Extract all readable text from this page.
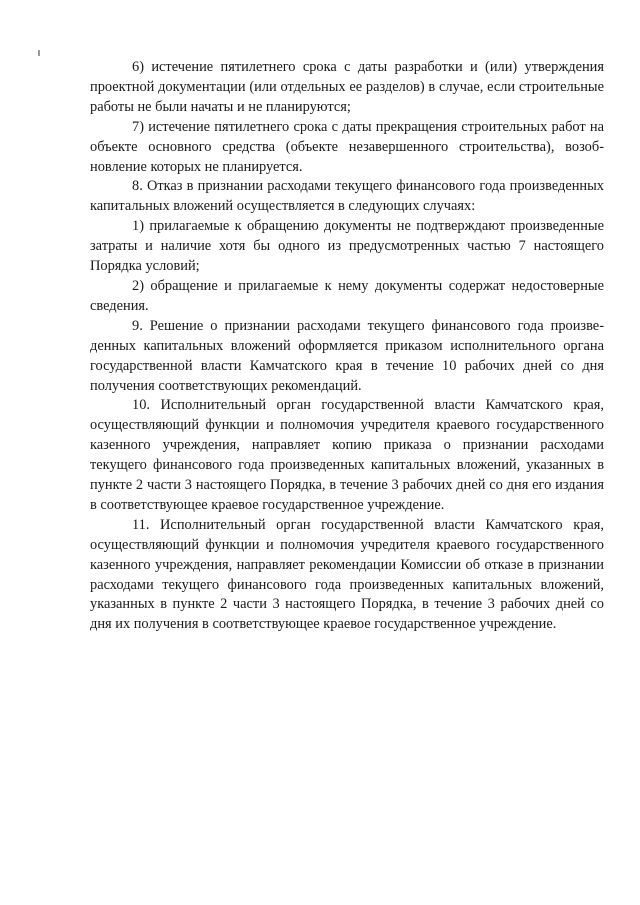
6) истечение пятилетнего срока с даты разработки и (или) утверждения проектной документации (или отдельных ее разделов) в случае, если строительные работы не были начаты и не планируются;

7) истечение пятилетнего срока с даты прекращения строительных работ на объекте основного средства (объекте незавершенного строительства), возобновление которых не планируется.

8. Отказ в признании расходами текущего финансового года произведенных капитальных вложений осуществляется в следующих случаях:

1) прилагаемые к обращению документы не подтверждают произведенные затраты и наличие хотя бы одного из предусмотренных частью 7 настоящего Порядка условий;

2) обращение и прилагаемые к нему документы содержат недостоверные сведения.

9. Решение о признании расходами текущего финансового года произведенных капитальных вложений оформляется приказом исполнительного органа государственной власти Камчатского края в течение 10 рабочих дней со дня получения соответствующих рекомендаций.

10. Исполнительный орган государственной власти Камчатского края, осуществляющий функции и полномочия учредителя краевого государственного казенного учреждения, направляет копию приказа о признании расходами текущего финансового года произведенных капитальных вложений, указанных в пункте 2 части 3 настоящего Порядка, в течение 3 рабочих дней со дня его издания в соответствующее краевое государственное учреждение.

11. Исполнительный орган государственной власти Камчатского края, осуществляющий функции и полномочия учредителя краевого государственного казенного учреждения, направляет рекомендации Комиссии об отказе в признании расходами текущего финансового года произведенных капитальных вложений, указанных в пункте 2 части 3 настоящего Порядка, в течение 3 рабочих дней со дня их получения в соответствующее краевое государственное учреждение.
